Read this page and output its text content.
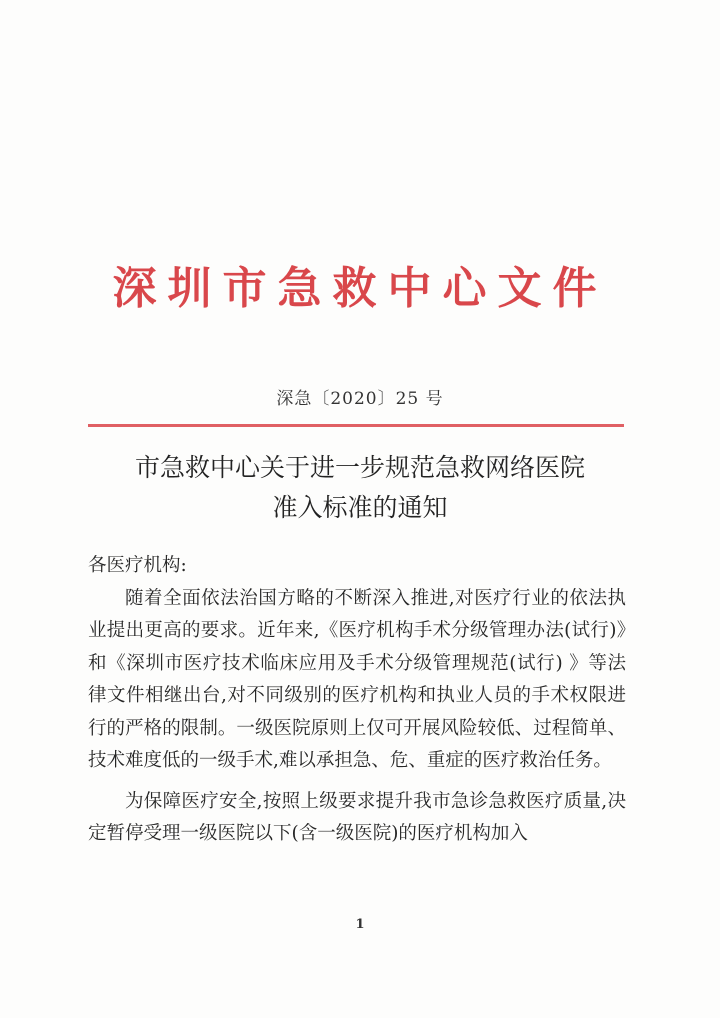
深圳市急救中心文件
深急〔2020〕25 号
市急救中心关于进一步规范急救网络医院
准入标准的通知

各医疗机构:

随着全面依法治国方略的不断深入推进,对医疗行业的依法执业提出更高的要求。近年来,《医疗机构手术分级管理办法(试行)》和《深圳市医疗技术临床应用及手术分级管理规范(试行) 》等法律文件相继出台,对不同级别的医疗机构和执业人员的手术权限进行的严格的限制。一级医院原则上仅可开展风险较低、过程简单、技术难度低的一级手术,难以承担急、危、重症的医疗救治任务。

为保障医疗安全,按照上级要求提升我市急诊急救医疗质量,决定暂停受理一级医院以下(含一级医院)的医疗机构加入

1
